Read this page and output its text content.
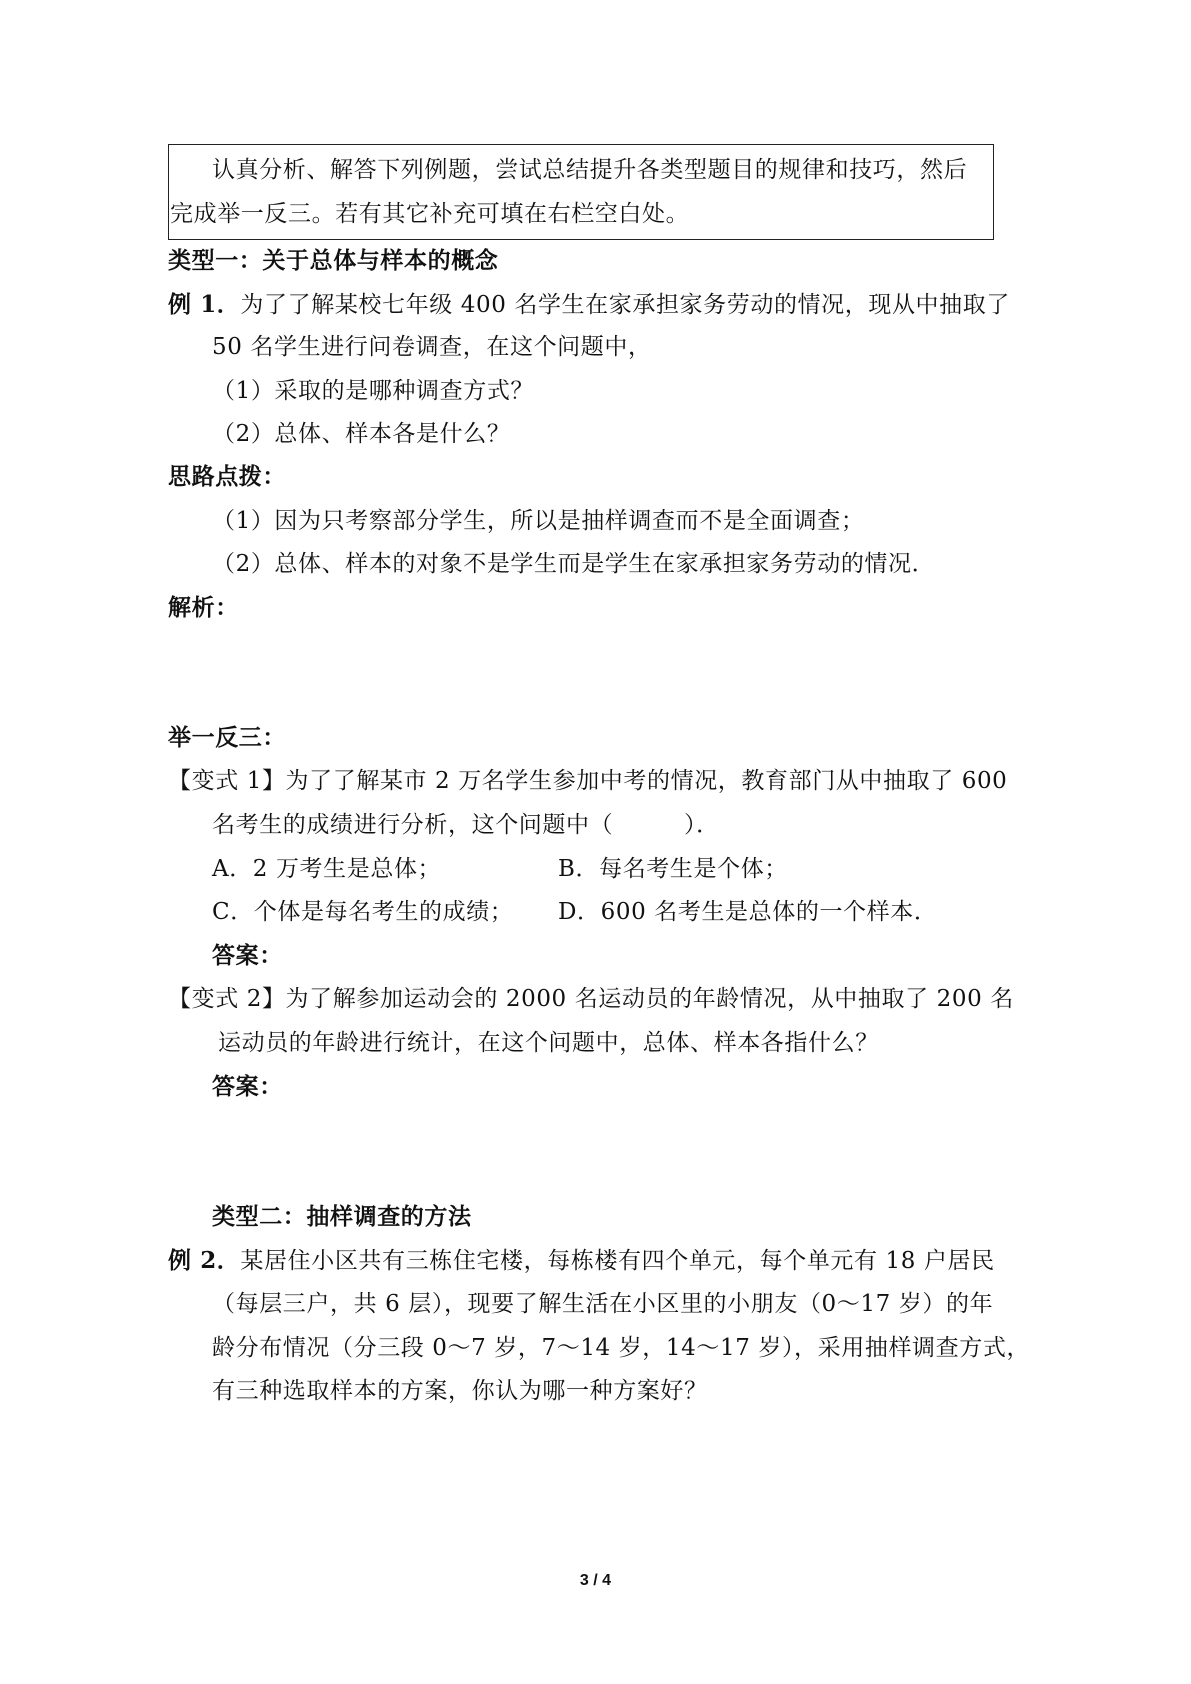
认真分析、解答下列例题，尝试总结提升各类型题目的规律和技巧，然后
完成举一反三。若有其它补充可填在右栏空白处。
类型一：关于总体与样本的概念
例 1．为了了解某校七年级 400 名学生在家承担家务劳动的情况，现从中抽取了
50 名学生进行问卷调查，在这个问题中，
（1）采取的是哪种调查方式？
（2）总体、样本各是什么？
思路点拨：
（1）因为只考察部分学生，所以是抽样调查而不是全面调查；
（2）总体、样本的对象不是学生而是学生在家承担家务劳动的情况．
解析：
举一反三：
【变式 1】为了了解某市 2 万名学生参加中考的情况，教育部门从中抽取了 600
名考生的成绩进行分析，这个问题中（　　　）．
A．2 万考生是总体；	B．每名考生是个体；
C．个体是每名考生的成绩； D．600 名考生是总体的一个样本．
答案：
【变式 2】为了解参加运动会的 2000 名运动员的年龄情况，从中抽取了 200 名
运动员的年龄进行统计，在这个问题中，总体、样本各指什么？
答案：
类型二：抽样调查的方法
例 2．某居住小区共有三栋住宅楼，每栋楼有四个单元，每个单元有 18 户居民
（每层三户，共 6 层），现要了解生活在小区里的小朋友（0～17 岁）的年
龄分布情况（分三段 0～7 岁，7～14 岁，14～17 岁），采用抽样调查方式，
有三种选取样本的方案，你认为哪一种方案好？
3 / 4
